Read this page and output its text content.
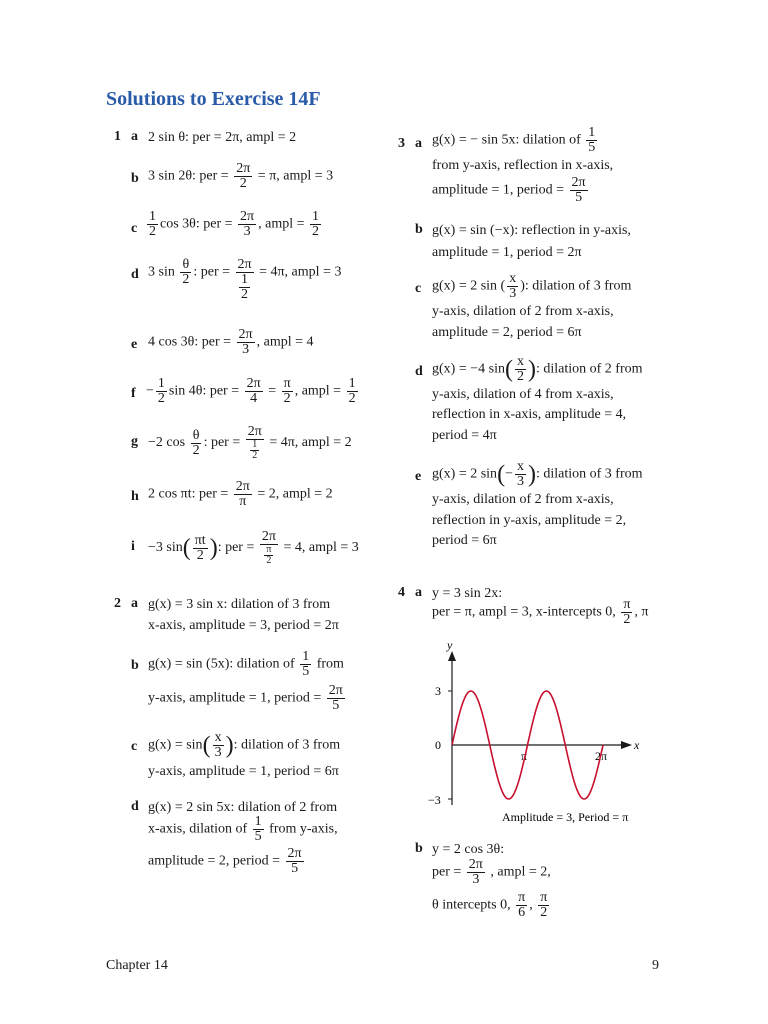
Solutions to Exercise 14F
1 a 2 sin θ: per = 2π, ampl = 2
b 3 sin 2θ: per = $\frac{2\pi}{2} = \pi$, ampl = 3
c $\frac{1}{2}$ cos 3θ: per = $\frac{2\pi}{3}$ , ampl = $\frac{1}{2}$
d 3 $\sin \frac{\theta}{2}$ : per =
2π
1
2
= 4π, ampl = 3
e 4 cos 3θ: per = $\frac{2\pi}{3}$ , ampl = 4
$f - \frac{1}{2}$ sin 4θ: per = $\frac{2\pi}{4} = \frac{\pi}{2}$ , ampl = $\frac{1}{2}$
g −2 $\cos \frac{\theta}{2}$ : per = $\frac{2\pi}{\frac{1}{2}} = 4\pi$, ampl = 2
h 2 cos πt: per = $\frac{2\pi}{\pi} = 2$, ampl = 2
i −3 $\sin( \frac{\pi t}{2}$ ): per = $\frac{2\pi}{\frac{\pi}{2}} = 4$, ampl = 3
2 a g(x) = 3 sin x: dilation of 3 from
x-axis, amplitude = 3, period = 2π
b g(x) = sin (5x): dilation of $\frac{1}{5}$ from
y-axis, amplitude = 1, period = $\frac{2\pi}{5}$
c $g(x) = \sin( \frac{x}{3}$ ): dilation of 3 from
y-axis, amplitude = 1, period = 6π
d g(x) = 2 sin 5x: dilation of 2 from
x-axis, dilation of $\frac{1}{5}$ from y-axis,
amplitude = 2, period = $\frac{2\pi}{5}$
3 a g(x) = − sin 5x: dilation of $\frac{1}{5}$
from y-axis, reflection in x-axis,
amplitude = 1, period = $\frac{2\pi}{5}$
b g(x) = sin (−x): reflection in y-axis,
amplitude = 1, period = 2π
c g(x) = 2 sin ( $\frac{x}{3}$ ): dilation of 3 from
y-axis, dilation of 2 from x-axis,
amplitude = 2, period = 6π
d g(x) = −4 $\sin( \frac{x}{2}$ ): dilation of 2 from
y-axis, dilation of 4 from x-axis,
reflection in x-axis, amplitude = 4,
period = 4π
e g(x) = 2 $\sin(- \frac{x}{3}$ ): dilation of 3 from
y-axis, dilation of 2 from x-axis,
reflection in y-axis, amplitude = 2,
period = 6π
4 a y = 3 sin 2x:
per = π, ampl = 3, x-intercepts 0, $\frac{\pi}{2}$ , π
y
x
3
0
−3
π	2π
Amplitude = 3, Period = π
b y = 2 cos 3θ:
per = $\frac{2\pi}{3}$ , ampl = 2,
θ intercepts 0, $\frac{\pi}{6}$ , $\frac{\pi}{2}$
Chapter 14	9
